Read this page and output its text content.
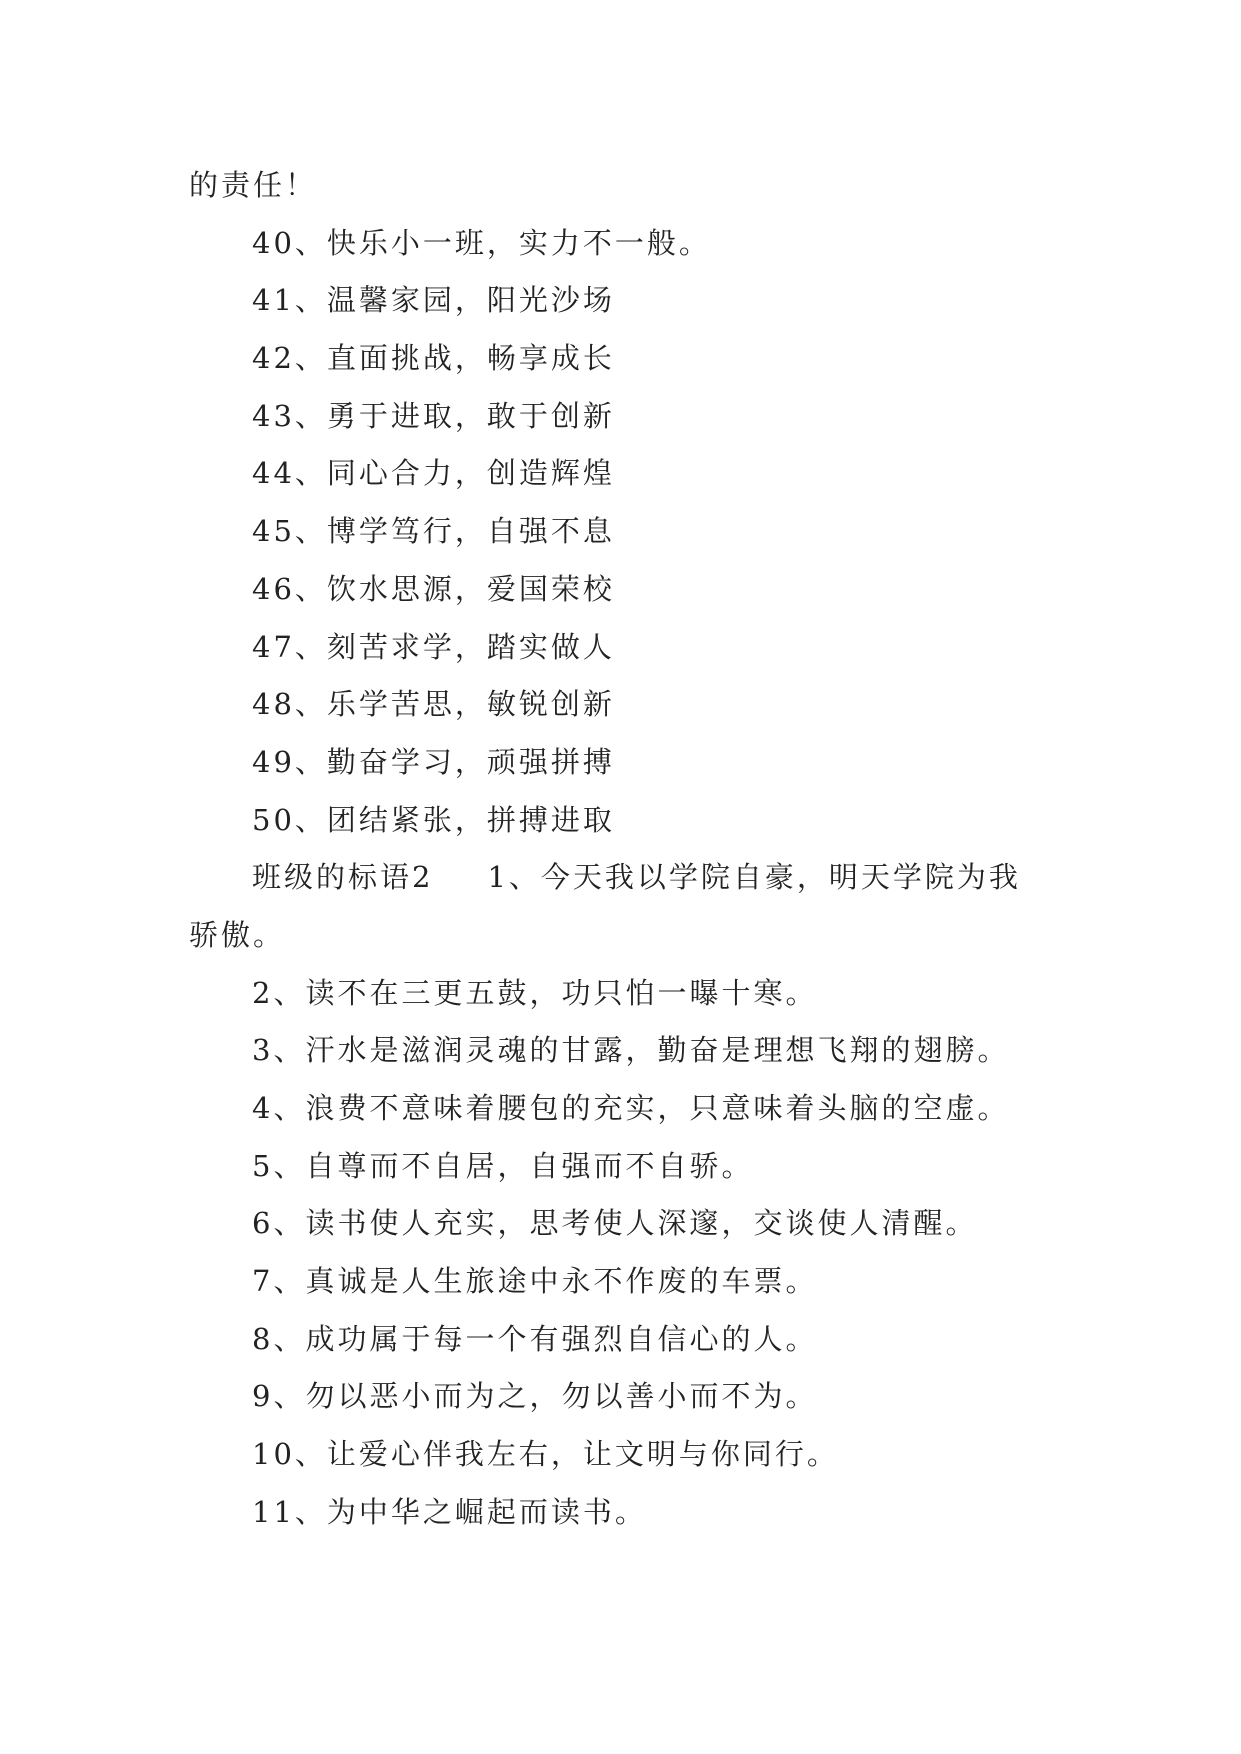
的责任！
40、快乐小一班，实力不一般。
41、温馨家园，阳光沙场
42、直面挑战，畅享成长
43、勇于进取，敢于创新
44、同心合力，创造辉煌
45、博学笃行，自强不息
46、饮水思源，爱国荣校
47、刻苦求学，踏实做人
48、乐学苦思，敏锐创新
49、勤奋学习，顽强拼搏
50、团结紧张，拼搏进取
班级的标语2 1、今天我以学院自豪，明天学院为我
骄傲。
2、读不在三更五鼓，功只怕一曝十寒。
3、汗水是滋润灵魂的甘露，勤奋是理想飞翔的翅膀。
4、浪费不意味着腰包的充实，只意味着头脑的空虚。
5、自尊而不自居，自强而不自骄。
6、读书使人充实，思考使人深邃，交谈使人清醒。
7、真诚是人生旅途中永不作废的车票。
8、成功属于每一个有强烈自信心的人。
9、勿以恶小而为之，勿以善小而不为。
10、让爱心伴我左右，让文明与你同行。
11、为中华之崛起而读书。
